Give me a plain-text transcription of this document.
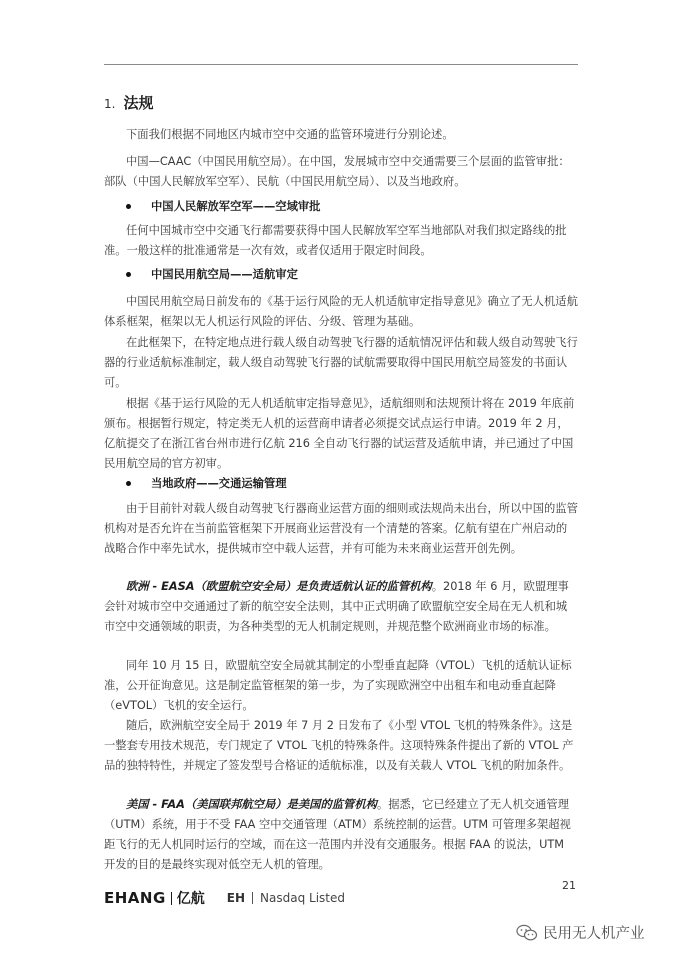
1. 法规

下面我们根据不同地区内城市空中交通的监管环境进行分别论述。

中国—CAAC（中国民用航空局）。在中国，发展城市空中交通需要三个层面的监管审批：部队（中国人民解放军空军）、民航（中国民用航空局）、以及当地政府。

中国人民解放军空军——空域审批

任何中国城市空中交通飞行都需要获得中国人民解放军空军当地部队对我们拟定路线的批准。一般这样的批准通常是一次有效，或者仅适用于限定时间段。

中国民用航空局——适航审定

中国民用航空局日前发布的《基于运行风险的无人机适航审定指导意见》确立了无人机适航体系框架，框架以无人机运行风险的评估、分级、管理为基础。

在此框架下，在特定地点进行载人级自动驾驶飞行器的适航情况评估和载人级自动驾驶飞行器的行业适航标准制定，载人级自动驾驶飞行器的试航需要取得中国民用航空局签发的书面认可。

根据《基于运行风险的无人机适航审定指导意见》，适航细则和法规预计将在 2019 年底前颁布。根据暂行规定，特定类无人机的运营商申请者必须提交试点运行申请。2019 年 2 月，亿航提交了在浙江省台州市进行亿航 216 全自动飞行器的试运营及适航申请，并已通过了中国民用航空局的官方初审。

当地政府——交通运输管理

由于目前针对载人级自动驾驶飞行器商业运营方面的细则或法规尚未出台，所以中国的监管机构对是否允许在当前监管框架下开展商业运营没有一个清楚的答案。亿航有望在广州启动的战略合作中率先试水，提供城市空中载人运营，并有可能为未来商业运营开创先例。

欧洲 - EASA（欧盟航空安全局）是负责适航认证的监管机构。2018 年 6 月，欧盟理事会针对城市空中交通通过了新的航空安全法则，其中正式明确了欧盟航空安全局在无人机和城市空中交通领域的职责，为各种类型的无人机制定规则，并规范整个欧洲商业市场的标准。

同年 10 月 15 日，欧盟航空安全局就其制定的小型垂直起降（VTOL）飞机的适航认证标准，公开征询意见。这是制定监管框架的第一步，为了实现欧洲空中出租车和电动垂直起降（eVTOL）飞机的安全运行。

随后，欧洲航空安全局于 2019 年 7 月 2 日发布了《小型 VTOL 飞机的特殊条件》。这是一整套专用技术规范，专门规定了 VTOL 飞机的特殊条件。这项特殊条件提出了新的 VTOL 产品的独特特性，并规定了签发型号合格证的适航标准，以及有关载人 VTOL 飞机的附加条件。

美国 - FAA（美国联邦航空局）是美国的监管机构。据悉，它已经建立了无人机交通管理（UTM）系统，用于不受 FAA 空中交通管理（ATM）系统控制的运营。UTM 可管理多架超视距飞行的无人机同时运行的空域，而在这一范围内并没有交通服务。根据 FAA 的说法，UTM 开发的目的是最终实现对低空无人机的管理。

21
EHANG 亿航 EH Nasdaq Listed
民用无人机产业
